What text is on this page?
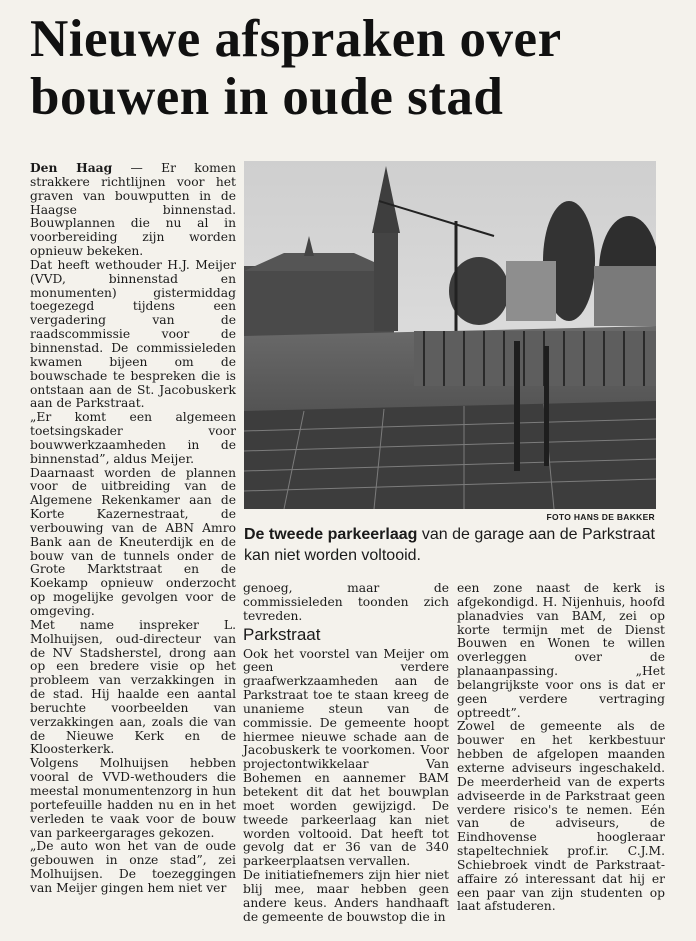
Nieuwe afspraken over bouwen in oude stad

Den Haag — Er komen strakkere richtlijnen voor het graven van bouwputten in de Haagse binnenstad. Bouwplannen die nu al in voorbereiding zijn worden opnieuw bekeken.

Dat heeft wethouder H.J. Meijer (VVD, binnenstad en monumenten) gistermiddag toegezegd tijdens een vergadering van de raadscommissie voor de binnenstad. De commissieleden kwamen bijeen om de bouwschade te bespreken die is ontstaan aan de St. Jacobuskerk aan de Parkstraat.

„Er komt een algemeen toetsingskader voor bouwwerkzaamheden in de binnenstad”, aldus Meijer.

Daarnaast worden de plannen voor de uitbreiding van de Algemene Rekenkamer aan de Korte Kazernestraat, de verbouwing van de ABN Amro Bank aan de Kneuterdijk en de bouw van de tunnels onder de Grote Marktstraat en de Koekamp opnieuw onderzocht op mogelijke gevolgen voor de omgeving.

Met name inspreker L. Molhuijsen, oud-directeur van de NV Stadsherstel, drong aan op een bredere visie op het probleem van verzakkingen in de stad. Hij haalde een aantal beruchte voorbeelden van verzakkingen aan, zoals die van de Nieuwe Kerk en de Kloosterkerk.

Volgens Molhuijsen hebben vooral de VVD-wethouders die meestal monumentenzorg in hun portefeuille hadden nu en in het verleden te vaak voor de bouw van parkeergarages gekozen.

„De auto won het van de oude gebouwen in onze stad”, zei Molhuijsen. De toezeggingen van Meijer gingen hem niet ver

FOTO HANS DE BAKKER
De tweede parkeerlaag van de garage aan de Parkstraat kan niet worden voltooid.

genoeg, maar de commissieleden toonden zich tevreden.

Parkstraat

Ook het voorstel van Meijer om geen verdere graafwerkzaamheden aan de Parkstraat toe te staan kreeg de unanieme steun van de commissie. De gemeente hoopt hiermee nieuwe schade aan de Jacobuskerk te voorkomen. Voor projectontwikkelaar Van Bohemen en aannemer BAM betekent dit dat het bouwplan moet worden gewijzigd. De tweede parkeerlaag kan niet worden voltooid. Dat heeft tot gevolg dat er 36 van de 340 parkeerplaatsen vervallen.

De initiatiefnemers zijn hier niet blij mee, maar hebben geen andere keus. Anders handhaaft de gemeente de bouwstop die in

een zone naast de kerk is afgekondigd. H. Nijenhuis, hoofd planadvies van BAM, zei op korte termijn met de Dienst Bouwen en Wonen te willen overleggen over de planaanpassing. „Het belangrijkste voor ons is dat er geen verdere vertraging optreedt”.

Zowel de gemeente als de bouwer en het kerkbestuur hebben de afgelopen maanden externe adviseurs ingeschakeld. De meerderheid van de experts adviseerde in de Parkstraat geen verdere risico's te nemen. Eén van de adviseurs, de Eindhovense hoogleraar stapeltechniek prof.ir. C.J.M. Schiebroek vindt de Parkstraat-affaire zó interessant dat hij er een paar van zijn studenten op laat afstuderen.
